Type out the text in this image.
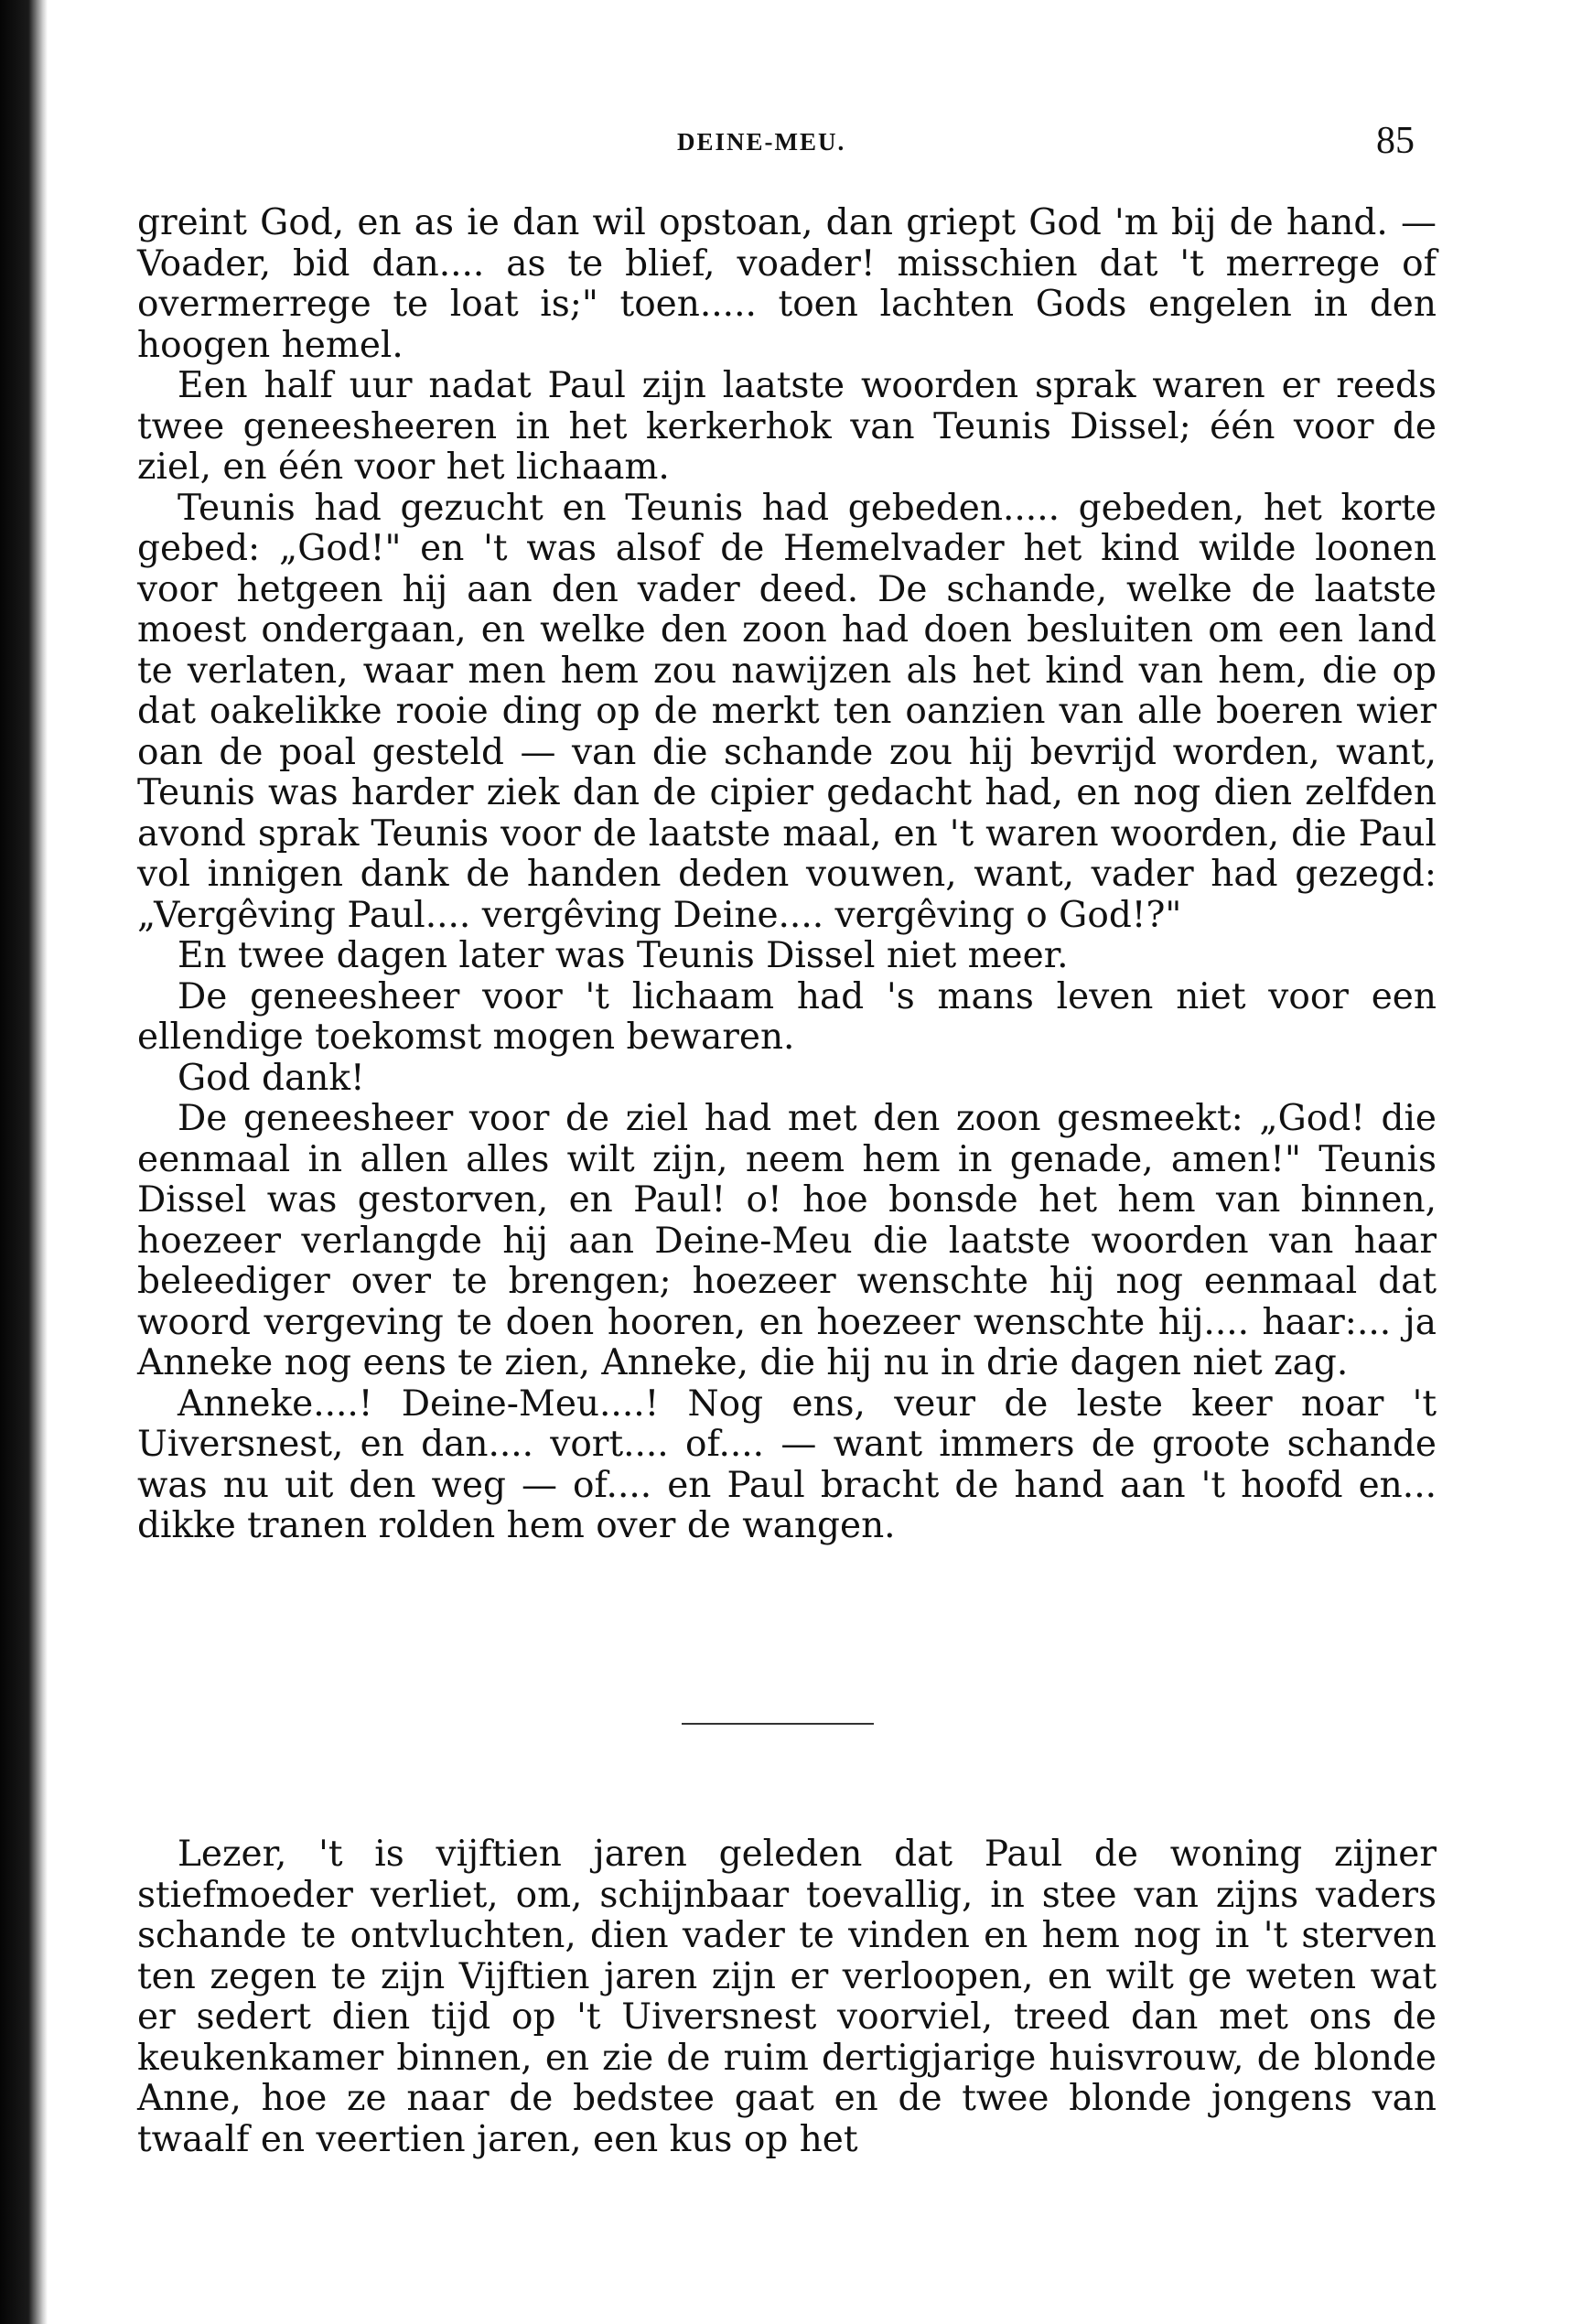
DEINE-MEU.	85

greint God, en as ie dan wil opstoan, dan griept God 'm bij de hand. — Voader, bid dan.... as te blief, voader! misschien dat 't merrege of overmerrege te loat is;" toen..... toen lachten Gods engelen in den hoogen hemel.

Een half uur nadat Paul zijn laatste woorden sprak waren er reeds twee geneesheeren in het kerkerhok van Teunis Dissel; één voor de ziel, en één voor het lichaam.

Teunis had gezucht en Teunis had gebeden..... gebeden, het korte gebed: „God!" en 't was alsof de Hemelvader het kind wilde loonen voor hetgeen hij aan den vader deed. De schande, welke de laatste moest ondergaan, en welke den zoon had doen besluiten om een land te verlaten, waar men hem zou nawijzen als het kind van hem, die op dat oakelikke rooie ding op de merkt ten oanzien van alle boeren wier oan de poal gesteld — van die schande zou hij bevrijd worden, want, Teunis was harder ziek dan de cipier gedacht had, en nog dien zelfden avond sprak Teunis voor de laatste maal, en 't waren woorden, die Paul vol innigen dank de handen deden vouwen, want, vader had gezegd: „Vergêving Paul.... vergêving Deine.... vergêving o God!?"

En twee dagen later was Teunis Dissel niet meer.

De geneesheer voor 't lichaam had 's mans leven niet voor een ellendige toekomst mogen bewaren.

God dank!

De geneesheer voor de ziel had met den zoon gesmeekt: „God! die eenmaal in allen alles wilt zijn, neem hem in genade, amen!" Teunis Dissel was gestorven, en Paul! o! hoe bonsde het hem van binnen, hoezeer verlangde hij aan Deine-Meu die laatste woorden van haar beleediger over te brengen; hoezeer wenschte hij nog eenmaal dat woord vergeving te doen hooren, en hoezeer wenschte hij.... haar:... ja Anneke nog eens te zien, Anneke, die hij nu in drie dagen niet zag.

Anneke....! Deine-Meu....! Nog ens, veur de leste keer noar 't Uiversnest, en dan.... vort.... of.... — want immers de groote schande was nu uit den weg — of.... en Paul bracht de hand aan 't hoofd en... dikke tranen rolden hem over de wangen.

Lezer, 't is vijftien jaren geleden dat Paul de woning zijner stiefmoeder verliet, om, schijnbaar toevallig, in stee van zijns vaders schande te ontvluchten, dien vader te vinden en hem nog in 't sterven ten zegen te zijn Vijftien jaren zijn er verloopen, en wilt ge weten wat er sedert dien tijd op 't Uiversnest voorviel, treed dan met ons de keukenkamer binnen, en zie de ruim dertigjarige huisvrouw, de blonde Anne, hoe ze naar de bedstee gaat en de twee blonde jongens van twaalf en veertien jaren, een kus op het
